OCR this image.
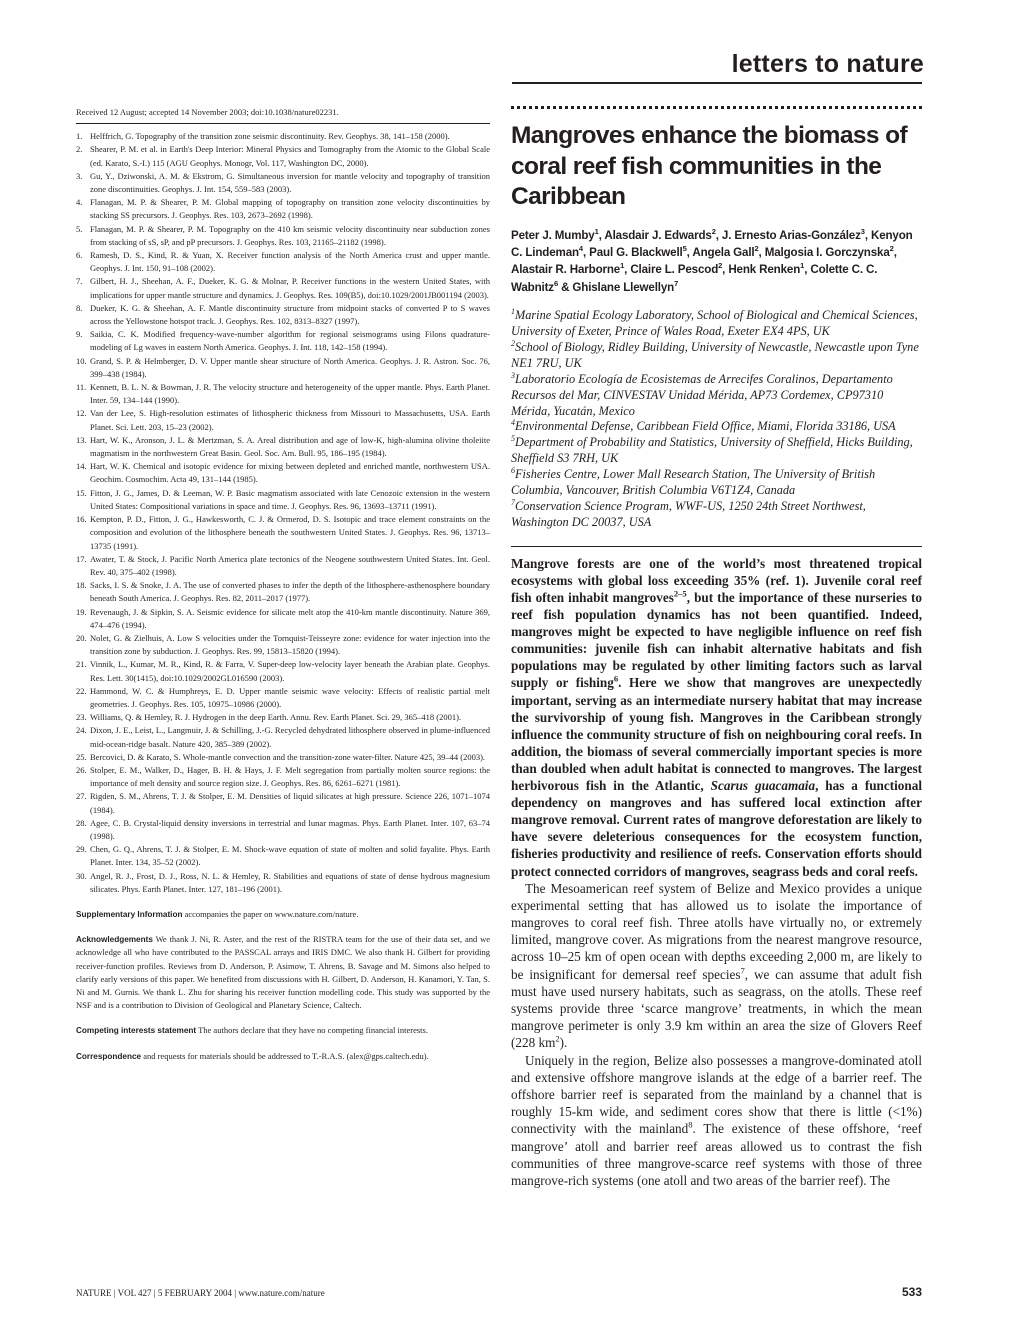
letters to nature
Received 12 August; accepted 14 November 2003; doi:10.1038/nature02231.
1. Helffrich, G. Topography of the transition zone seismic discontinuity. Rev. Geophys. 38, 141–158 (2000).
2. Shearer, P. M. et al. in Earth's Deep Interior: Mineral Physics and Tomography from the Atomic to the Global Scale (ed. Karato, S.-I.) 115 (AGU Geophys. Monogr, Vol. 117, Washington DC, 2000).
3. Gu, Y., Dziwonski, A. M. & Ekstrom, G. Simultaneous inversion for mantle velocity and topography of transition zone discontinuities. Geophys. J. Int. 154, 559–583 (2003).
4. Flanagan, M. P. & Shearer, P. M. Global mapping of topography on transition zone velocity discontinuities by stacking SS precursors. J. Geophys. Res. 103, 2673–2692 (1998).
5. Flanagan, M. P. & Shearer, P. M. Topography on the 410 km seismic velocity discontinuity near subduction zones from stacking of sS, sP, and pP precursors. J. Geophys. Res. 103, 21165–21182 (1998).
6. Ramesh, D. S., Kind, R. & Yuan, X. Receiver function analysis of the North America crust and upper mantle. Geophys. J. Int. 150, 91–108 (2002).
7. Gilbert, H. J., Sheehan, A. F., Dueker, K. G. & Molnar, P. Receiver functions in the western United States, with implications for upper mantle structure and dynamics. J. Geophys. Res. 109(B5), doi:10.1029/2001JB001194 (2003).
8. Dueker, K. G. & Sheehan, A. F. Mantle discontinuity structure from midpoint stacks of converted P to S waves across the Yellowstone hotspot track. J. Geophys. Res. 102, 8313–8327 (1997).
9. Saikia, C. K. Modified frequency-wave-number algorithm for regional seismograms using Filons quadrature-modeling of Lg waves in eastern North America. Geophys. J. Int. 118, 142–158 (1994).
10. Grand, S. P. & Helmberger, D. V. Upper mantle shear structure of North America. Geophys. J. R. Astron. Soc. 76, 399–438 (1984).
11. Kennett, B. L. N. & Bowman, J. R. The velocity structure and heterogeneity of the upper mantle. Phys. Earth Planet. Inter. 59, 134–144 (1990).
12. Van der Lee, S. High-resolution estimates of lithospheric thickness from Missouri to Massachusetts, USA. Earth Planet. Sci. Lett. 203, 15–23 (2002).
13. Hart, W. K., Aronson, J. L. & Mertzman, S. A. Areal distribution and age of low-K, high-alumina olivine tholeiite magmatism in the northwestern Great Basin. Geol. Soc. Am. Bull. 95, 186–195 (1984).
14. Hart, W. K. Chemical and isotopic evidence for mixing between depleted and enriched mantle, northwestern USA. Geochim. Cosmochim. Acta 49, 131–144 (1985).
15. Fitton, J. G., James, D. & Leeman, W. P. Basic magmatism associated with late Cenozoic extension in the western United States: Compositional variations in space and time. J. Geophys. Res. 96, 13693–13711 (1991).
16. Kempton, P. D., Fitton, J. G., Hawkesworth, C. J. & Ormerod, D. S. Isotopic and trace element constraints on the composition and evolution of the lithosphere beneath the southwestern United States. J. Geophys. Res. 96, 13713–13735 (1991).
17. Awater, T. & Stock, J. Pacific North America plate tectonics of the Neogene southwestern United States. Int. Geol. Rev. 40, 375–402 (1998).
18. Sacks, I. S. & Snoke, J. A. The use of converted phases to infer the depth of the lithosphere-asthenosphere boundary beneath South America. J. Geophys. Res. 82, 2011–2017 (1977).
19. Revenaugh, J. & Sipkin, S. A. Seismic evidence for silicate melt atop the 410-km mantle discontinuity. Nature 369, 474–476 (1994).
20. Nolet, G. & Zielhuis, A. Low S velocities under the Tornquist-Teisseyre zone: evidence for water injection into the transition zone by subduction. J. Geophys. Res. 99, 15813–15820 (1994).
21. Vinnik, L., Kumar, M. R., Kind, R. & Farra, V. Super-deep low-velocity layer beneath the Arabian plate. Geophys. Res. Lett. 30(1415), doi:10.1029/2002GL016590 (2003).
22. Hammond, W. C. & Humphreys, E. D. Upper mantle seismic wave velocity: Effects of realistic partial melt geometries. J. Geophys. Res. 105, 10975–10986 (2000).
23. Williams, Q. & Hemley, R. J. Hydrogen in the deep Earth. Annu. Rev. Earth Planet. Sci. 29, 365–418 (2001).
24. Dixon, J. E., Leist, L., Langmuir, J. & Schilling, J.-G. Recycled dehydrated lithosphere observed in plume-influenced mid-ocean-ridge basalt. Nature 420, 385–389 (2002).
25. Bercovici, D. & Karato, S. Whole-mantle convection and the transition-zone water-filter. Nature 425, 39–44 (2003).
26. Stolper, E. M., Walker, D., Hager, B. H. & Hays, J. F. Melt segregation from partially molten source regions: the importance of melt density and source region size. J. Geophys. Res. 86, 6261–6271 (1981).
27. Rigden, S. M., Ahrens, T. J. & Stolper, E. M. Densities of liquid silicates at high pressure. Science 226, 1071–1074 (1984).
28. Agee, C. B. Crystal-liquid density inversions in terrestrial and lunar magmas. Phys. Earth Planet. Inter. 107, 63–74 (1998).
29. Chen, G. Q., Ahrens, T. J. & Stolper, E. M. Shock-wave equation of state of molten and solid fayalite. Phys. Earth Planet. Inter. 134, 35–52 (2002).
30. Angel, R. J., Frost, D. J., Ross, N. L. & Hemley, R. Stabilities and equations of state of dense hydrous magnesium silicates. Phys. Earth Planet. Inter. 127, 181–196 (2001).

Supplementary Information accompanies the paper on www.nature.com/nature.

Acknowledgements We thank J. Ni, R. Aster, and the rest of the RISTRA team for the use of their data set, and we acknowledge all who have contributed to the PASSCAL arrays and IRIS DMC. We also thank H. Gilbert for providing receiver-function profiles. Reviews from D. Anderson, P. Asimow, T. Ahrens, B. Savage and M. Simons also helped to clarify early versions of this paper. We benefited from discussions with H. Gilbert, D. Anderson, H. Kanamori, Y. Tan, S. Ni and M. Gurnis. We thank L. Zhu for sharing his receiver function modelling code. This study was supported by the NSF and is a contribution to Division of Geological and Planetary Science, Caltech.

Competing interests statement The authors declare that they have no competing financial interests.

Correspondence and requests for materials should be addressed to T.-R.A.S. (alex@gps.caltech.edu).

Mangroves enhance the biomass of coral reef fish communities in the Caribbean
Peter J. Mumby$^1$, Alasdair J. Edwards$^2$, J. Ernesto Arias-González$^3$, Kenyon C. Lindeman$^4$, Paul G. Blackwell$^5$, Angela Gall$^2$, Malgosia I. Gorczynska$^2$, Alastair R. Harborne$^1$, Claire L. Pescod$^2$, Henk Renken$^1$, Colette C. C. Wabnitz$^6$ & Ghislane Llewellyn$^7$

$^1$Marine Spatial Ecology Laboratory, School of Biological and Chemical Sciences, University of Exeter, Prince of Wales Road, Exeter EX4 4PS, UK

$^2$School of Biology, Ridley Building, University of Newcastle, Newcastle upon Tyne NE1 7RU, UK

$^3$Laboratorio Ecología de Ecosistemas de Arrecifes Coralinos, Departamento Recursos del Mar, CINVESTAV Unidad Mérida, AP73 Cordemex, CP97310 Mérida, Yucatán, Mexico

$^4$Environmental Defense, Caribbean Field Office, Miami, Florida 33186, USA

$^5$Department of Probability and Statistics, University of Sheffield, Hicks Building, Sheffield S3 7RH, UK

$^6$Fisheries Centre, Lower Mall Research Station, The University of British Columbia, Vancouver, British Columbia V6T1Z4, Canada

$^7$Conservation Science Program, WWF-US, 1250 24th Street Northwest, Washington DC 20037, USA

Mangrove forests are one of the world’s most threatened tropical ecosystems with global loss exceeding 35% (ref. 1). Juvenile coral reef fish often inhabit mangroves$^{2-5}$, but the importance of these nurseries to reef fish population dynamics has not been quantified. Indeed, mangroves might be expected to have negligible influence on reef fish communities: juvenile fish can inhabit alternative habitats and fish populations may be regulated by other limiting factors such as larval supply or fishing$^6$. Here we show that mangroves are unexpectedly important, serving as an intermediate nursery habitat that may increase the survivorship of young fish. Mangroves in the Caribbean strongly influence the community structure of fish on neighbouring coral reefs. In addition, the biomass of several commercially important species is more than doubled when adult habitat is connected to mangroves. The largest herbivorous fish in the Atlantic, Scarus guacamaia, has a functional dependency on mangroves and has suffered local extinction after mangrove removal. Current rates of mangrove deforestation are likely to have severe deleterious consequences for the ecosystem function, fisheries productivity and resilience of reefs. Conservation efforts should protect connected corridors of mangroves, seagrass beds and coral reefs.

The Mesoamerican reef system of Belize and Mexico provides a unique experimental setting that has allowed us to isolate the importance of mangroves to coral reef fish. Three atolls have virtually no, or extremely limited, mangrove cover. As migrations from the nearest mangrove resource, across 10–25 km of open ocean with depths exceeding 2,000 m, are likely to be insignificant for demersal reef species$^7$, we can assume that adult fish must have used nursery habitats, such as seagrass, on the atolls. These reef systems provide three ‘scarce mangrove’ treatments, in which the mean mangrove perimeter is only 3.9 km within an area the size of Glovers Reef (228 $km^2$).

Uniquely in the region, Belize also possesses a mangrove-dominated atoll and extensive offshore mangrove islands at the edge of a barrier reef. The offshore barrier reef is separated from the mainland by a channel that is roughly 15-km wide, and sediment cores show that there is little (<1%) connectivity with the mainland$^8$. The existence of these offshore, ‘reef mangrove’ atoll and barrier reef areas allowed us to contrast the fish communities of three mangrove-scarce reef systems with those of three mangrove-rich systems (one atoll and two areas of the barrier reef). The

NATURE | VOL 427 | 5 FEBRUARY 2004 | www.nature.com/nature	533
